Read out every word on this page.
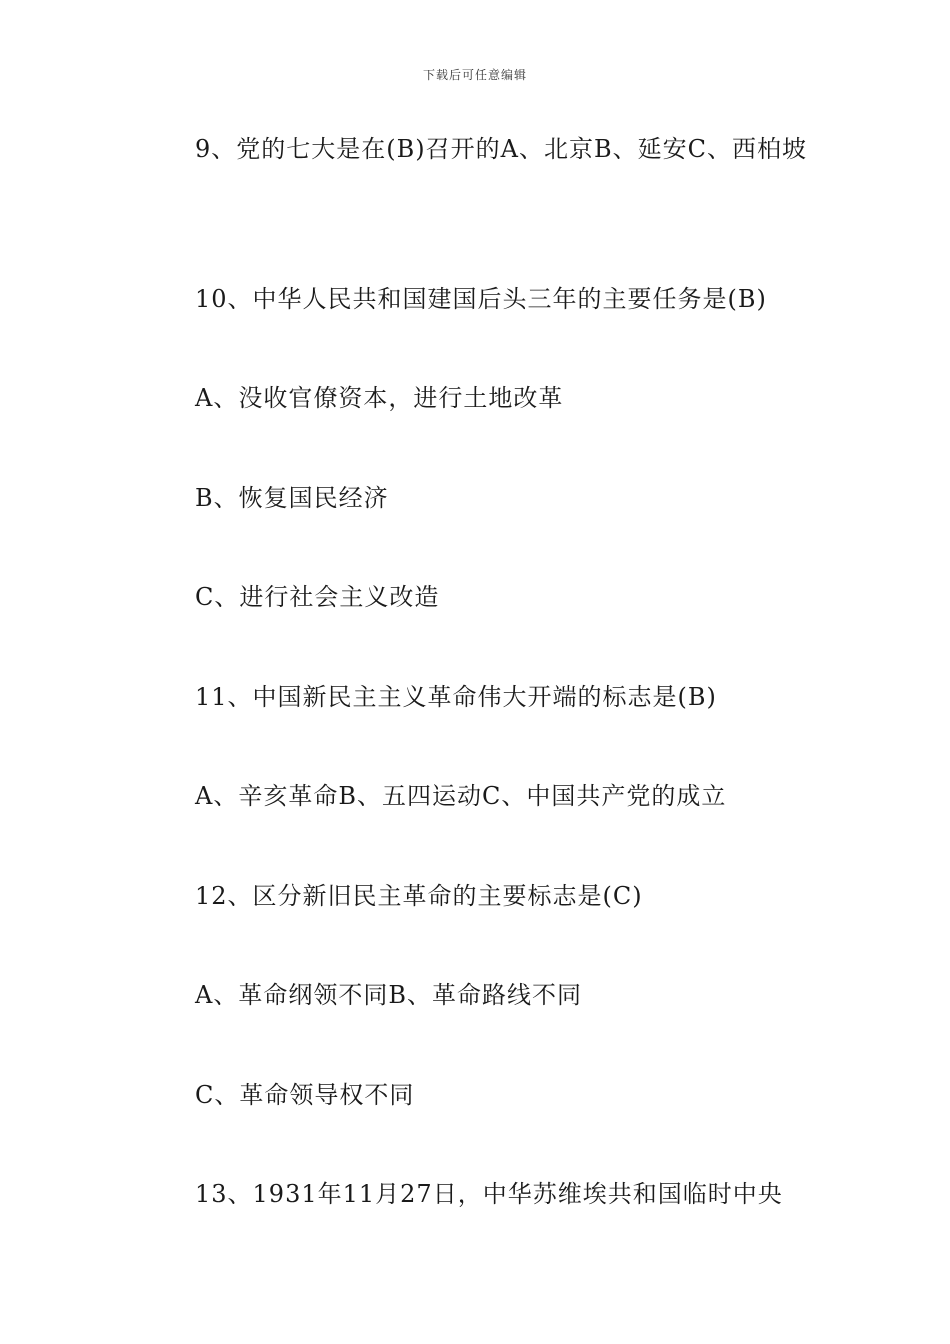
下载后可任意编辑
9、党的七大是在(B)召开的A、北京B、延安C、西柏坡
10、中华人民共和国建国后头三年的主要任务是(B)
A、没收官僚资本，进行土地改革
B、恢复国民经济
C、进行社会主义改造
11、中国新民主主义革命伟大开端的标志是(B)
A、辛亥革命B、五四运动C、中国共产党的成立
12、区分新旧民主革命的主要标志是(C)
A、革命纲领不同B、革命路线不同
C、革命领导权不同
13、1931年11月27日，中华苏维埃共和国临时中央
